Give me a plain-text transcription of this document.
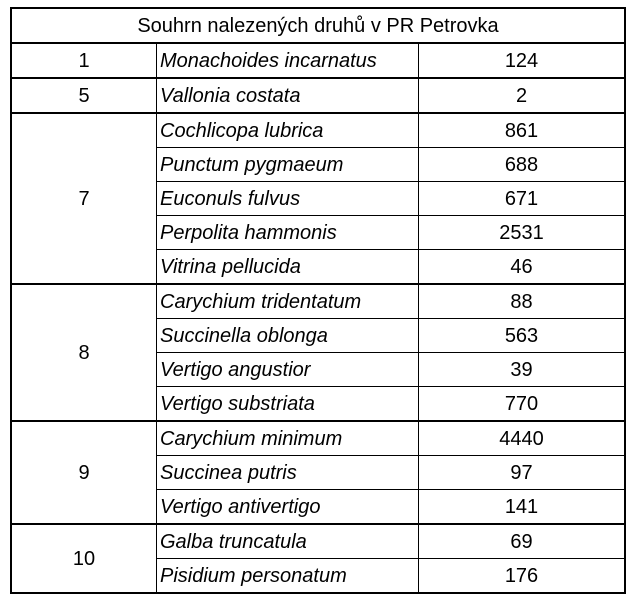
Souhrn nalezených druhů v PR Petrovka		
1	Monachoides incarnatus	124
5	Vallonia costata	2
7	Cochlicopa lubrica	861
	Punctum pygmaeum	688
	Euconuls fulvus	671
	Perpolita hammonis	2531
	Vitrina pellucida	46
8	Carychium tridentatum	88
	Succinella oblonga	563
	Vertigo angustior	39
	Vertigo substriata	770
9	Carychium minimum	4440
	Succinea putris	97
	Vertigo antivertigo	141
10	Galba truncatula	69
	Pisidium personatum	176
